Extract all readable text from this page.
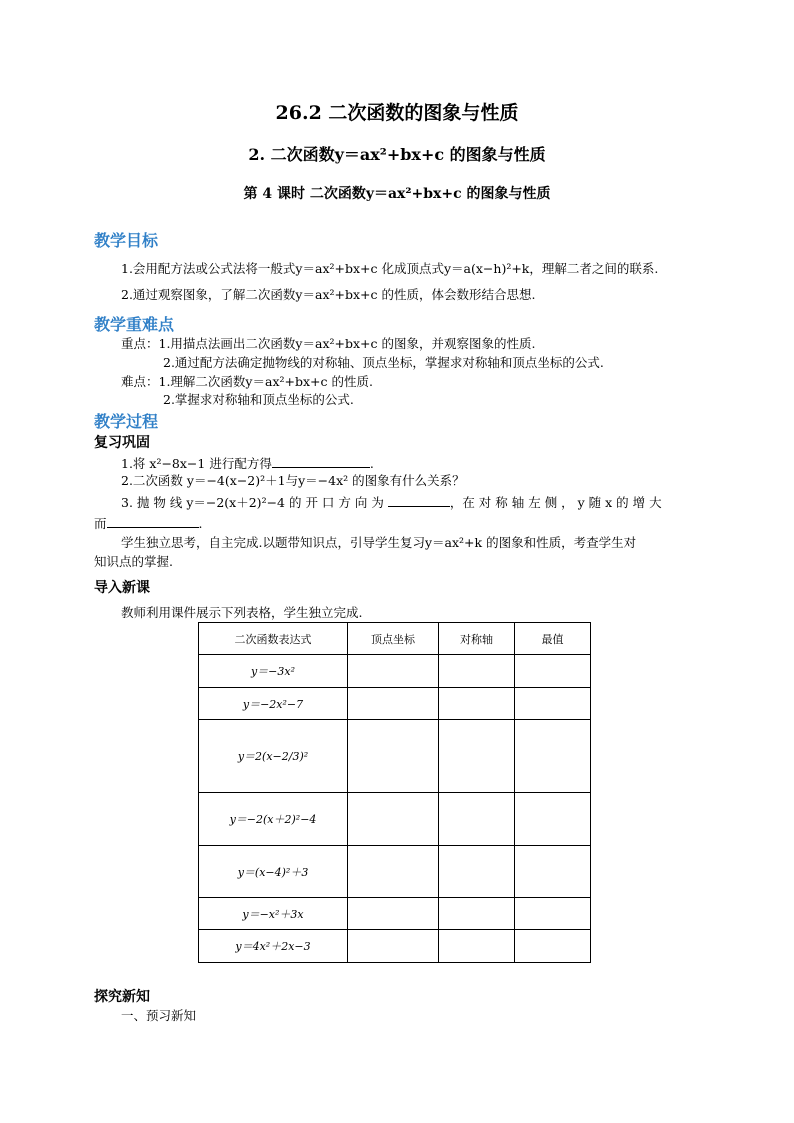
26.2 二次函数的图象与性质
2. 二次函数y＝ax²+bx+c 的图象与性质
第 4 课时 二次函数y＝ax²+bx+c 的图象与性质
教学目标
1.会用配方法或公式法将一般式y＝ax²+bx+c 化成顶点式y＝a(x−h)²+k，理解二者之间的联系.
2.通过观察图象，了解二次函数y＝ax²+bx+c 的性质，体会数形结合思想.
教学重难点
重点：1.用描点法画出二次函数y＝ax²+bx+c 的图象，并观察图象的性质.
2.通过配方法确定抛物线的对称轴、顶点坐标，掌握求对称轴和顶点坐标的公式.
难点：1.理解二次函数y＝ax²+bx+c 的性质.
2.掌握求对称轴和顶点坐标的公式.
教学过程
复习巩固
1.将 x²−8x−1 进行配方得	.
2.二次函数 y＝−4(x−2)²＋1与y＝−4x² 的图象有什么关系？
3. 抛 物 线 y＝−2(x＋2)²−4 的 开 口 方 向 为	，在 对 称 轴 左 侧 ， y 随 x 的 增 大
而	.
学生独立思考，自主完成.以题带知识点，引导学生复习y＝ax²+k 的图象和性质，考查学生对
知识点的掌握.
导入新课
教师利用课件展示下列表格，学生独立完成.
二次函数表达式	顶点坐标	对称轴	最值
y＝−3x²			
y＝−2x²−7			
y＝2(x−2/3)²			
y＝−2(x＋2)²−4			
y＝(x−4)²＋3			
y＝−x²＋3x			
y＝4x²＋2x−3			
探究新知
一、预习新知
